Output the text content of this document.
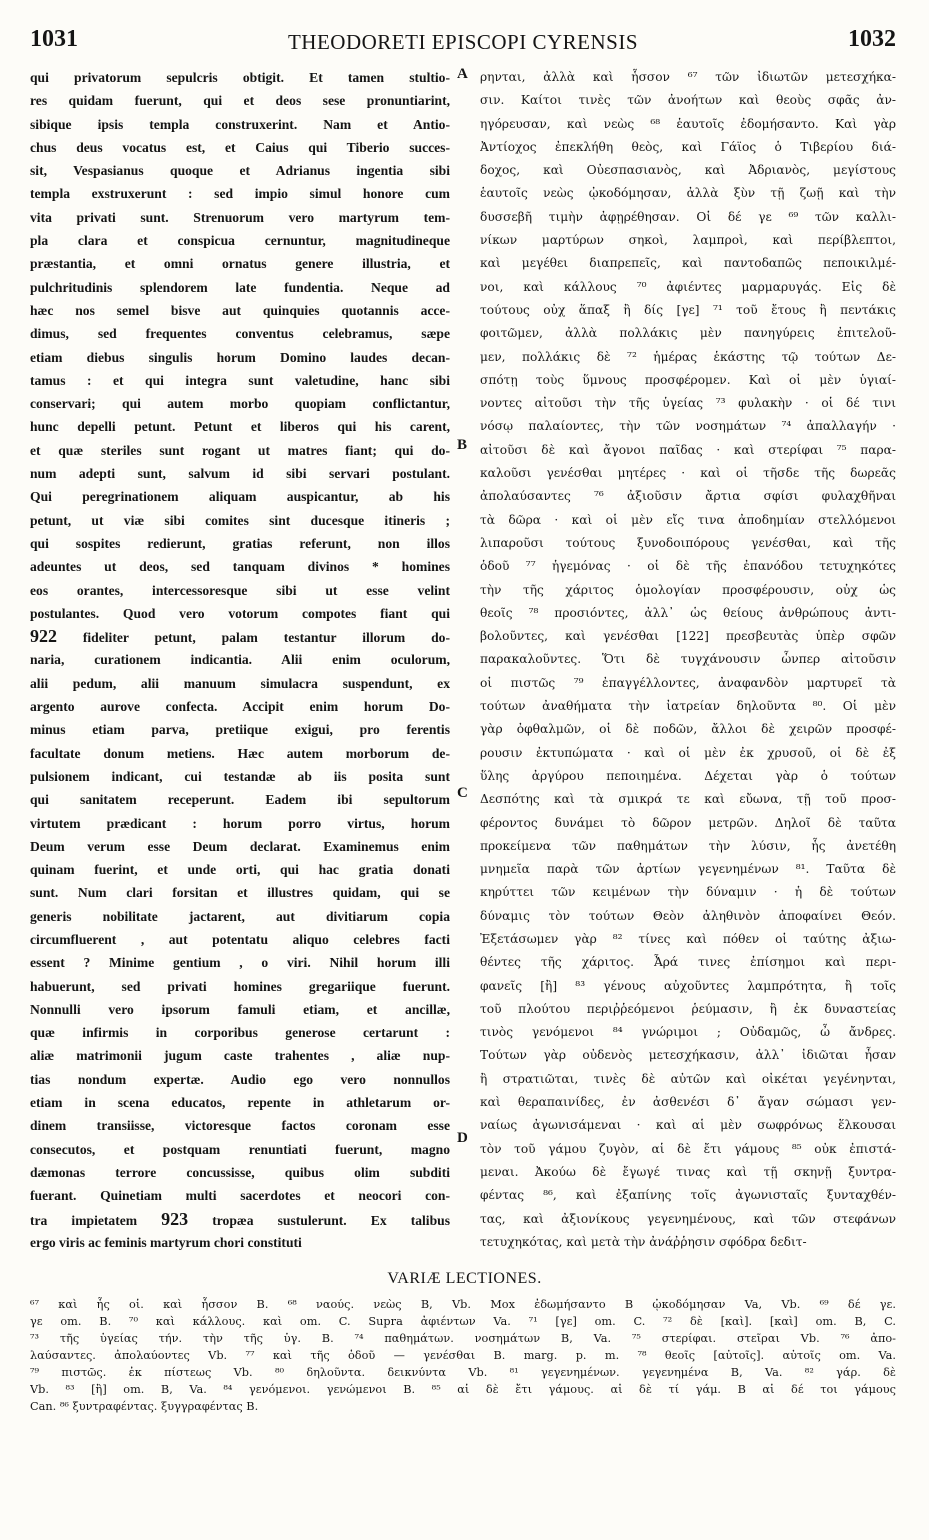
1031	THEODORETI EPISCOPI CYRENSIS	1032
qui privatorum sepulcris obtigit. Et tamen stultio-
res quidam fuerunt, qui et deos sese pronuntiarint,
sibique ipsis templa construxerint. Nam et Antio-
chus deus vocatus est, et Caius qui Tiberio succes-
sit, Vespasianus quoque et Adrianus ingentia sibi
templa exstruxerunt : sed impio simul honore cum
vita privati sunt. Strenuorum vero martyrum tem-
pla clara et conspicua cernuntur, magnitudineque
præstantia, et omni ornatus genere illustria, et
pulchritudinis splendorem late fundentia. Neque ad
hæc nos semel bisve aut quinquies quotannis acce-
dimus, sed frequentes conventus celebramus, sæpe
etiam diebus singulis horum Domino laudes decan-
tamus : et qui integra sunt valetudine, hanc sibi
conservari; qui autem morbo quopiam conflictantur,
hunc depelli petunt. Petunt et liberos qui his carent,
et quæ steriles sunt rogant ut matres fiant; qui do-
num adepti sunt, salvum id sibi servari postulant.
Qui peregrinationem aliquam auspicantur, ab his
petunt, ut viæ sibi comites sint ducesque itineris ;
qui sospites redierunt, gratias referunt, non illos
adeuntes ut deos, sed tanquam divinos * homines
eos orantes, intercessoresque sibi ut esse velint
postulantes. Quod vero votorum compotes fiant qui
922 fideliter petunt, palam testantur illorum do-
naria, curationem indicantia. Alii enim oculorum,
alii pedum, alii manuum simulacra suspendunt, ex
argento aurove confecta. Accipit enim horum Do-
minus etiam parva, pretiique exigui, pro ferentis
facultate donum metiens. Hæc autem morborum de-
pulsionem indicant, cui testandæ ab iis posita sunt
qui sanitatem receperunt. Eadem ibi sepultorum
virtutem prædicant : horum porro virtus, horum
Deum verum esse Deum declarat. Examinemus enim
quinam fuerint, et unde orti, qui hac gratia donati
sunt. Num clari forsitan et illustres quidam, qui se
generis nobilitate jactarent, aut divitiarum copia
circumfluerent , aut potentatu aliquo celebres facti
essent ? Minime gentium , o viri. Nihil horum illi
habuerunt, sed privati homines gregariique fuerunt.
Nonnulli vero ipsorum famuli etiam, et ancillæ,
quæ infirmis in corporibus generose certarunt :
aliæ matrimonii jugum caste trahentes , aliæ nup-
tias nondum expertæ. Audio ego vero nonnullos
etiam in scena educatos, repente in athletarum or-
dinem transiisse, victoresque factos coronam esse
consecutos, et postquam renuntiati fuerunt, magno
dæmonas terrore concussisse, quibus olim subditi
fuerant. Quinetiam multi sacerdotes et neocori con-
tra impietatem 923 tropæa sustulerunt. Ex talibus
ergo viris ac feminis martyrum chori constituti
ρηνται, ἀλλὰ καὶ ἧσσον ⁶⁷ τῶν ἰδιωτῶν μετεσχήκα-
σιν. Καίτοι τινὲς τῶν ἀνοήτων καὶ θεοὺς σφᾶς ἀν-
ηγόρευσαν, καὶ νεὼς ⁶⁸ ἑαυτοῖς ἐδομήσαντο. Καὶ γὰρ
Ἀντίοχος ἐπεκλήθη θεὸς, καὶ Γάϊος ὁ Τιβερίου διά-
δοχος, καὶ Οὐεσπασιανὸς, καὶ Ἀδριανὸς, μεγίστους
ἑαυτοῖς νεὼς ᾠκοδόμησαν, ἀλλὰ ξὺν τῇ ζωῇ καὶ τὴν
δυσσεβῆ τιμὴν ἀφῃρέθησαν. Οἱ δέ γε ⁶⁹ τῶν καλλι-
νίκων μαρτύρων σηκοὶ, λαμπροὶ, καὶ περίβλεπτοι,
καὶ μεγέθει διαπρεπεῖς, καὶ παντοδαπῶς πεποικιλμέ-
νοι, καὶ κάλλους ⁷⁰ ἀφιέντες μαρμαρυγάς. Εἰς δὲ
τούτους οὐχ ἅπαξ ἢ δίς [γε] ⁷¹ τοῦ ἔτους ἢ πεντάκις
φοιτῶμεν, ἀλλὰ πολλάκις μὲν πανηγύρεις ἐπιτελοῦ-
μεν, πολλάκις δὲ ⁷² ἡμέρας ἑκάστης τῷ τούτων Δε-
σπότῃ τοὺς ὕμνους προσφέρομεν. Καὶ οἱ μὲν ὑγιαί-
νοντες αἰτοῦσι τὴν τῆς ὑγείας ⁷³ φυλακὴν · οἱ δέ τινι
νόσῳ παλαίοντες, τὴν τῶν νοσημάτων ⁷⁴ ἀπαλλαγήν ·
αἰτοῦσι δὲ καὶ ἄγονοι παῖδας · καὶ στερίφαι ⁷⁵ παρα-
καλοῦσι γενέσθαι μητέρες · καὶ οἱ τῆσδε τῆς δωρεᾶς
ἀπολαύσαντες ⁷⁶ ἀξιοῦσιν ἄρτια σφίσι φυλαχθῆναι
τὰ δῶρα · καὶ οἱ μὲν εἴς τινα ἀποδημίαν στελλόμενοι
λιπαροῦσι τούτους ξυνοδοιπόρους γενέσθαι, καὶ τῆς
ὁδοῦ ⁷⁷ ἡγεμόνας · οἱ δὲ τῆς ἐπανόδου τετυχηκότες
τὴν τῆς χάριτος ὁμολογίαν προσφέρουσιν, οὐχ ὡς
θεοῖς ⁷⁸ προσιόντες, ἀλλ᾽ ὡς θείους ἀνθρώπους ἀντι-
βολοῦντες, καὶ γενέσθαι [122] πρεσβευτὰς ὑπὲρ σφῶν
παρακαλοῦντες. Ὅτι δὲ τυγχάνουσιν ὧνπερ αἰτοῦσιν
οἱ πιστῶς ⁷⁹ ἐπαγγέλλοντες, ἀναφανδὸν μαρτυρεῖ τὰ
τούτων ἀναθήματα τὴν ἰατρείαν δηλοῦντα ⁸⁰. Οἱ μὲν
γὰρ ὀφθαλμῶν, οἱ δὲ ποδῶν, ἄλλοι δὲ χειρῶν προσφέ-
ρουσιν ἐκτυπώματα · καὶ οἱ μὲν ἐκ χρυσοῦ, οἱ δὲ ἐξ
ὕλης ἀργύρου πεποιημένα. Δέχεται γὰρ ὁ τούτων
Δεσπότης καὶ τὰ σμικρά τε καὶ εὔωνα, τῇ τοῦ προσ-
φέροντος δυνάμει τὸ δῶρον μετρῶν. Δηλοῖ δὲ ταῦτα
προκείμενα τῶν παθημάτων τὴν λύσιν, ἧς ἀνετέθη
μνημεῖα παρὰ τῶν ἀρτίων γεγενημένων ⁸¹. Ταῦτα δὲ
κηρύττει τῶν κειμένων τὴν δύναμιν · ἡ δὲ τούτων
δύναμις τὸν τούτων Θεὸν ἀληθινὸν ἀποφαίνει Θεόν.
Ἐξετάσωμεν γὰρ ⁸² τίνες καὶ πόθεν οἱ ταύτης ἀξιω-
θέντες τῆς χάριτος. Ἆρά τινες ἐπίσημοι καὶ περι-
φανεῖς [ἢ] ⁸³ γένους αὐχοῦντες λαμπρότητα, ἢ τοῖς
τοῦ πλούτου περιῤῥεόμενοι ῥεύμασιν, ἢ ἐκ δυναστείας
τινὸς γενόμενοι ⁸⁴ γνώριμοι ; Οὐδαμῶς, ὦ ἄνδρες.
Τούτων γὰρ οὐδενὸς μετεσχήκασιν, ἀλλ᾽ ἰδιῶται ἦσαν
ἢ στρατιῶται, τινὲς δὲ αὐτῶν καὶ οἰκέται γεγένηνται,
καὶ θεραπαινίδες, ἐν ἀσθενέσι δ᾽ ἄγαν σώμασι γεν-
ναίως ἀγωνισάμεναι · καὶ αἱ μὲν σωφρόνως ἕλκουσαι
τὸν τοῦ γάμου ζυγὸν, αἱ δὲ ἔτι γάμους ⁸⁵ οὐκ ἐπιστά-
μεναι. Ἀκούω δὲ ἔγωγέ τινας καὶ τῇ σκηνῇ ξυντρα-
φέντας ⁸⁶, καὶ ἐξαπίνης τοῖς ἀγωνισταῖς ξυνταχθέν-
τας, καὶ ἀξιονίκους γεγενημένους, καὶ τῶν στεφάνων
τετυχηκότας, καὶ μετὰ τὴν ἀνάῤῥησιν σφόδρα δεδιτ-
A
B
C
D
VARIÆ LECTIONES.
⁶⁷ καὶ ἧς οἱ. καὶ ἧσσον B. ⁶⁸ ναούς. νεὼς B, Vb. Mox ἐδωμήσαντο B ᾠκοδόμησαν Va, Vb. ⁶⁹ δέ γε.
γε om. B. ⁷⁰ καὶ κάλλους. καὶ om. C. Supra ἀφιέντων Va. ⁷¹ [γε] om. C. ⁷² δὲ [καὶ]. [καὶ] om. B, C.
⁷³ τῆς ὑγείας τήν. τὴν τῆς ὑγ. B. ⁷⁴ παθημάτων. νοσημάτων B, Va. ⁷⁵ στερίφαι. στεῖραι Vb. ⁷⁶ ἀπο-
λαύσαντες. ἀπολαύοντες Vb. ⁷⁷ καὶ τῆς ὁδοῦ — γενέσθαι B. marg. p. m. ⁷⁸ θεοῖς [αὐτοῖς]. αὐτοῖς om. Va.
⁷⁹ πιστῶς. ἐκ πίστεως Vb. ⁸⁰ δηλοῦντα. δεικνύντα Vb. ⁸¹ γεγενημένων. γεγενημένα B, Va. ⁸² γάρ. δὲ
Vb. ⁸³ [ἢ] om. B, Va. ⁸⁴ γενόμενοι. γενώμενοι B. ⁸⁵ αἱ δὲ ἔτι γάμους. αἱ δὲ τί γάμ. B αἱ δέ τοι γάμους
Can. ⁸⁶ ξυντραφέντας. ξυγγραφέντας B.
